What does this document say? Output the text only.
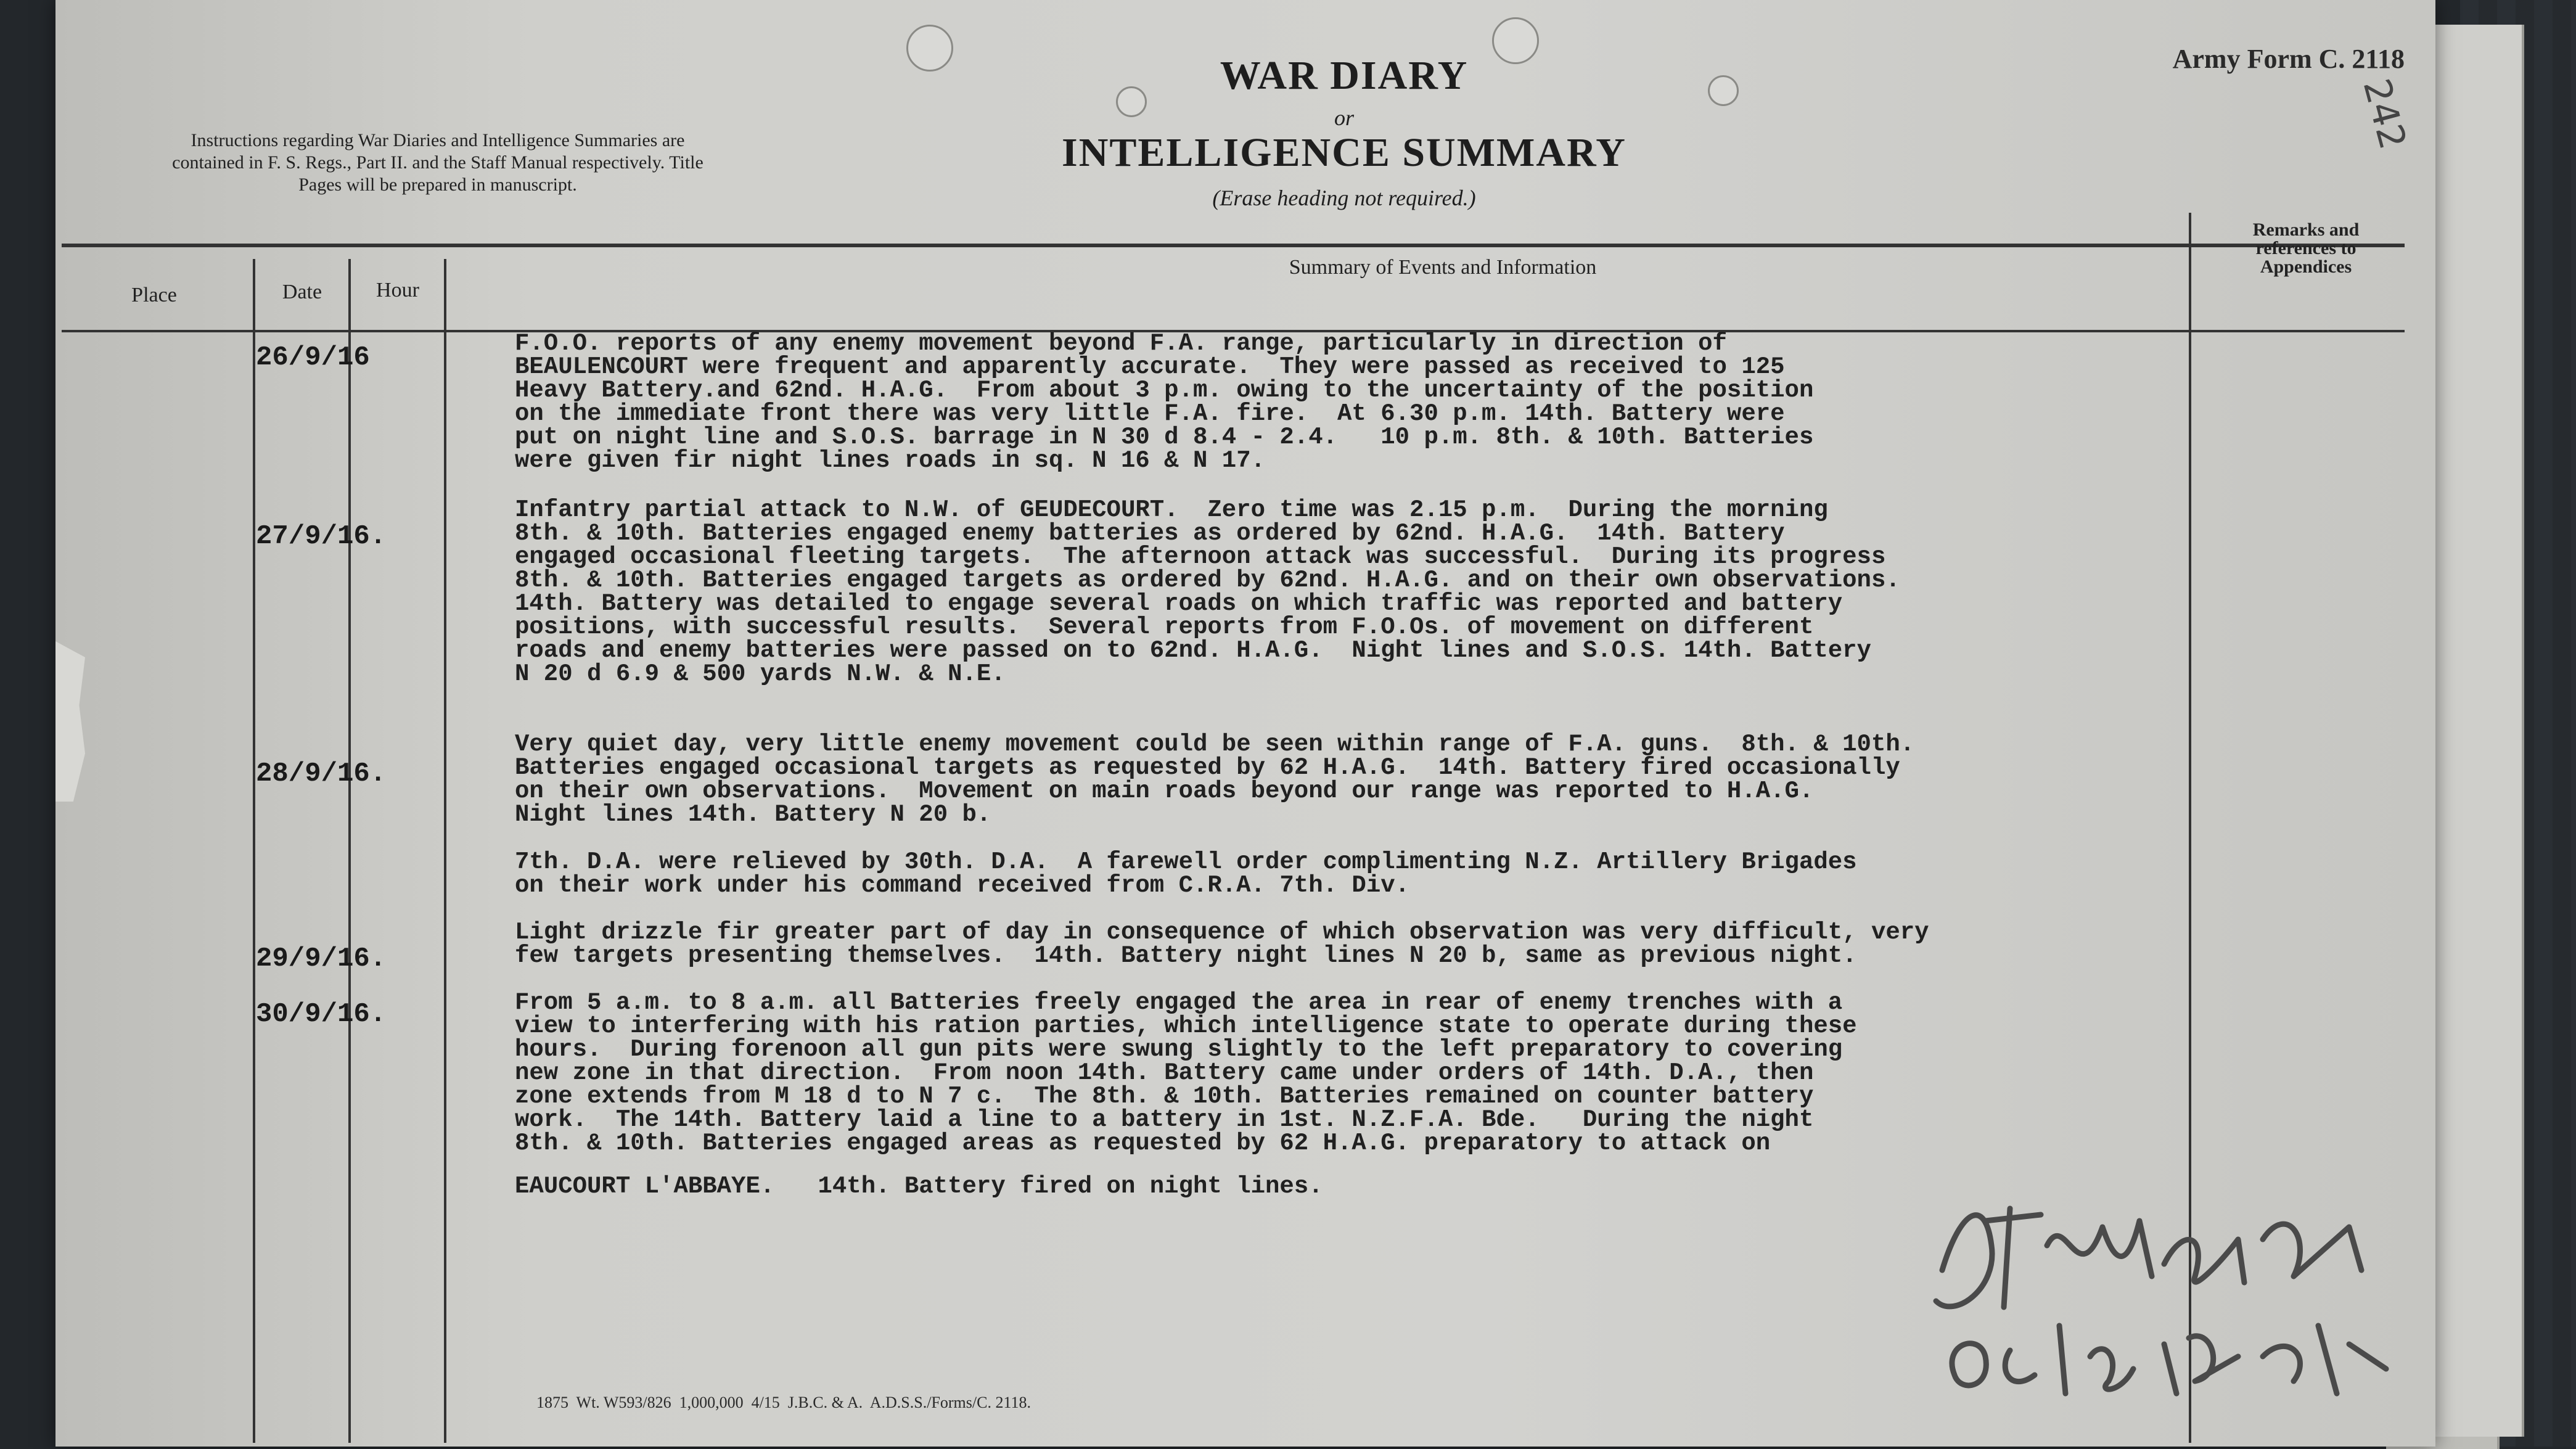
Instructions regarding War Diaries and Intelligence Summaries are contained in F. S. Regs., Part II. and the Staff Manual respectively. Title Pages will be prepared in manuscript.
WAR DIARY
or
INTELLIGENCE SUMMARY
(Erase heading not required.)
Army Form C. 2118
242
Place	Date	Hour
Summary of Events and Information
Remarks and
references to
Appendices
26/9/16
27/9/16.
28/9/16.
29/9/16.
30/9/16.
F.O.O. reports of any enemy movement beyond F.A. range, particularly in direction of
BEAULENCOURT were frequent and apparently accurate.  They were passed as received to 125
Heavy Battery.and 62nd. H.A.G.  From about 3 p.m. owing to the uncertainty of the position
on the immediate front there was very little F.A. fire.  At 6.30 p.m. 14th. Battery were
put on night line and S.O.S. barrage in N 30 d 8.4 - 2.4.   10 p.m. 8th. & 10th. Batteries
were given fir night lines roads in sq. N 16 & N 17.
Infantry partial attack to N.W. of GEUDECOURT.  Zero time was 2.15 p.m.  During the morning
8th. & 10th. Batteries engaged enemy batteries as ordered by 62nd. H.A.G.  14th. Battery
engaged occasional fleeting targets.  The afternoon attack was successful.  During its progress
8th. & 10th. Batteries engaged targets as ordered by 62nd. H.A.G. and on their own observations.
14th. Battery was detailed to engage several roads on which traffic was reported and battery
positions, with successful results.  Several reports from F.O.Os. of movement on different
roads and enemy batteries were passed on to 62nd. H.A.G.  Night lines and S.O.S. 14th. Battery
N 20 d 6.9 & 500 yards N.W. & N.E.
Very quiet day, very little enemy movement could be seen within range of F.A. guns.  8th. & 10th.
Batteries engaged occasional targets as requested by 62 H.A.G.  14th. Battery fired occasionally
on their own observations.  Movement on main roads beyond our range was reported to H.A.G.
Night lines 14th. Battery N 20 b.
7th. D.A. were relieved by 30th. D.A.  A farewell order complimenting N.Z. Artillery Brigades
on their work under his command received from C.R.A. 7th. Div.
Light drizzle fir greater part of day in consequence of which observation was very difficult, very
few targets presenting themselves.  14th. Battery night lines N 20 b, same as previous night.
From 5 a.m. to 8 a.m. all Batteries freely engaged the area in rear of enemy trenches with a
view to interfering with his ration parties, which intelligence state to operate during these
hours.  During forenoon all gun pits were swung slightly to the left preparatory to covering
new zone in that direction.  From noon 14th. Battery came under orders of 14th. D.A., then
zone extends from M 18 d to N 7 c.  The 8th. & 10th. Batteries remained on counter battery
work.  The 14th. Battery laid a line to a battery in 1st. N.Z.F.A. Bde.   During the night
8th. & 10th. Batteries engaged areas as requested by 62 H.A.G. preparatory to attack on
EAUCOURT L'ABBAYE.   14th. Battery fired on night lines.
1875  Wt. W593/826  1,000,000  4/15  J.B.C. & A.  A.D.S.S./Forms/C. 2118.
